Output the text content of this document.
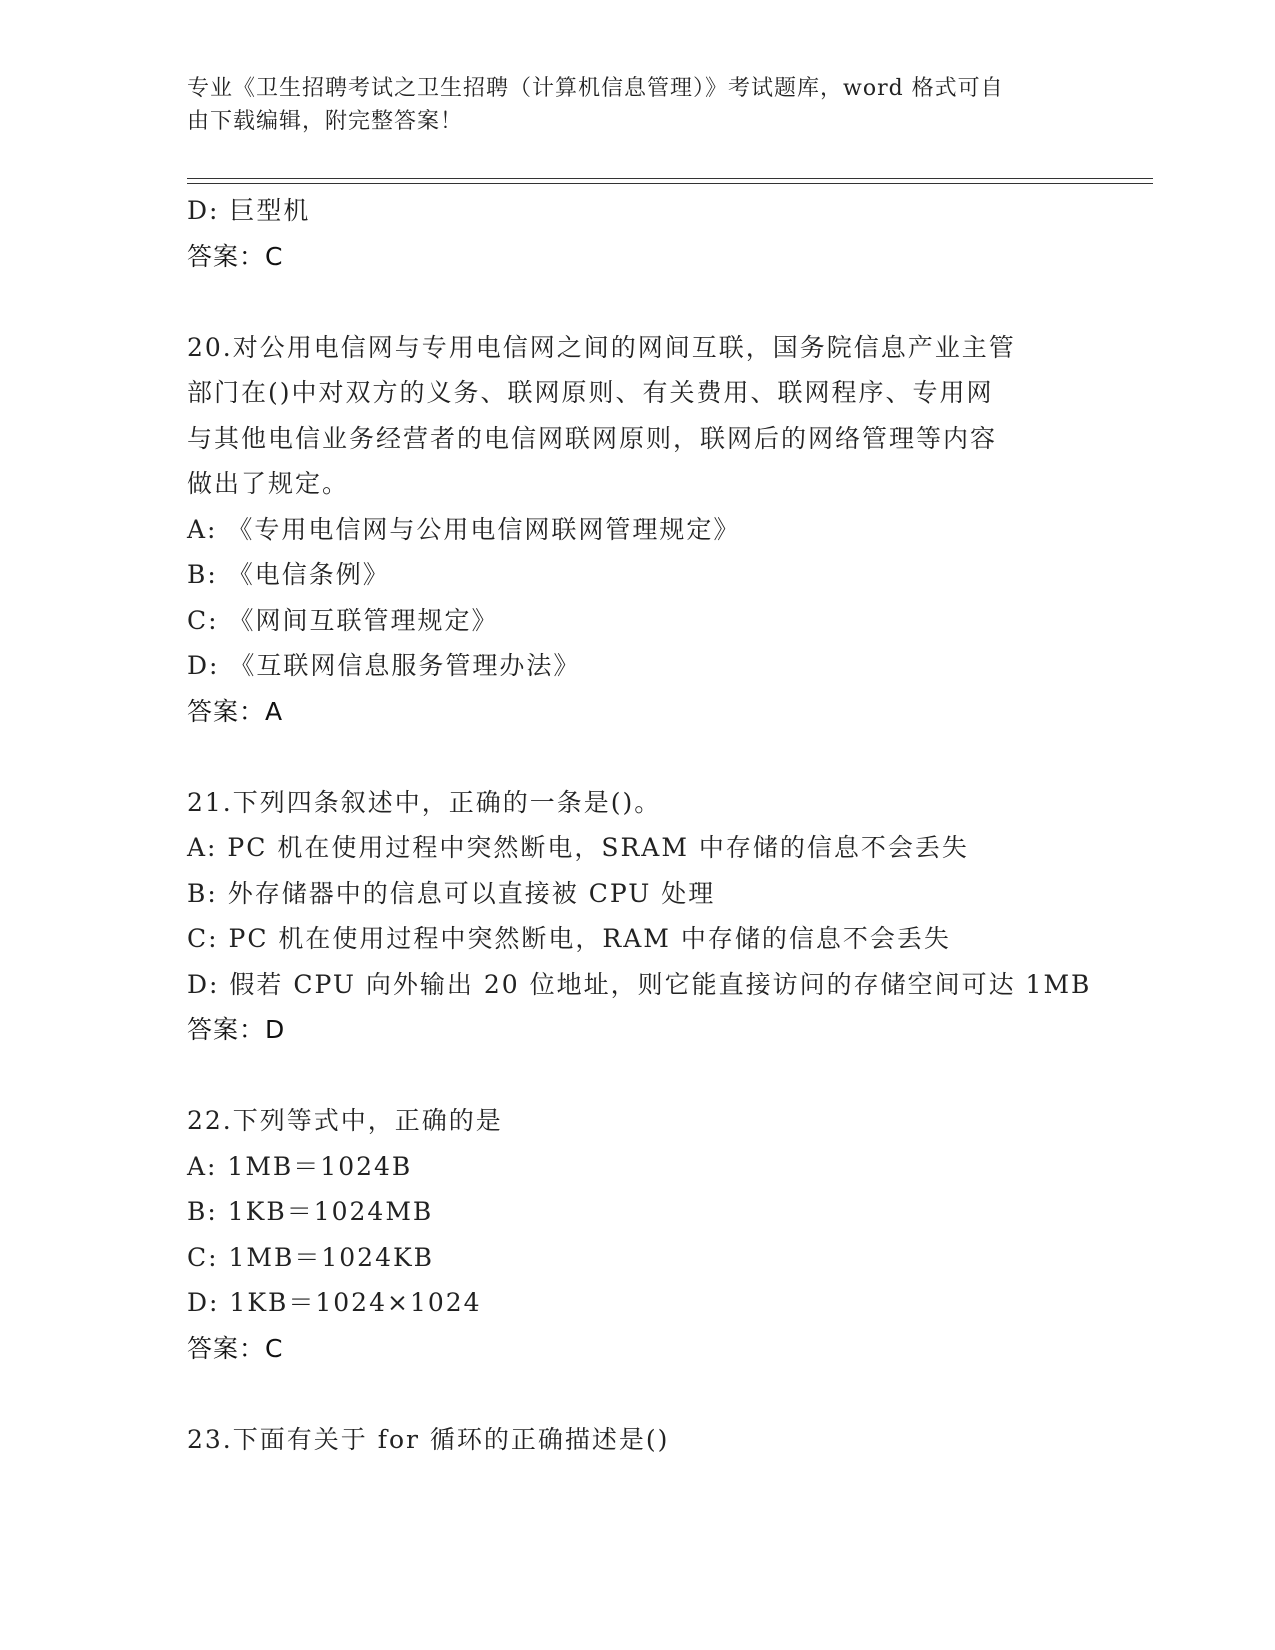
专业《卫生招聘考试之卫生招聘（计算机信息管理）》考试题库，word 格式可自
由下载编辑，附完整答案！
D: 巨型机
答案：C
20.对公用电信网与专用电信网之间的网间互联，国务院信息产业主管
部门在()中对双方的义务、联网原则、有关费用、联网程序、专用网
与其他电信业务经营者的电信网联网原则，联网后的网络管理等内容
做出了规定。
A: 《专用电信网与公用电信网联网管理规定》
B: 《电信条例》
C: 《网间互联管理规定》
D: 《互联网信息服务管理办法》
答案：A
21.下列四条叙述中，正确的一条是()。
A: PC 机在使用过程中突然断电，SRAM 中存储的信息不会丢失
B: 外存储器中的信息可以直接被 CPU 处理
C: PC 机在使用过程中突然断电，RAM 中存储的信息不会丢失
D: 假若 CPU 向外输出 20 位地址，则它能直接访问的存储空间可达 1MB
答案：D
22.下列等式中，正确的是
A: 1MB＝1024B
B: 1KB＝1024MB
C: 1MB＝1024KB
D: 1KB＝1024×1024
答案：C
23.下面有关于 for 循环的正确描述是()
